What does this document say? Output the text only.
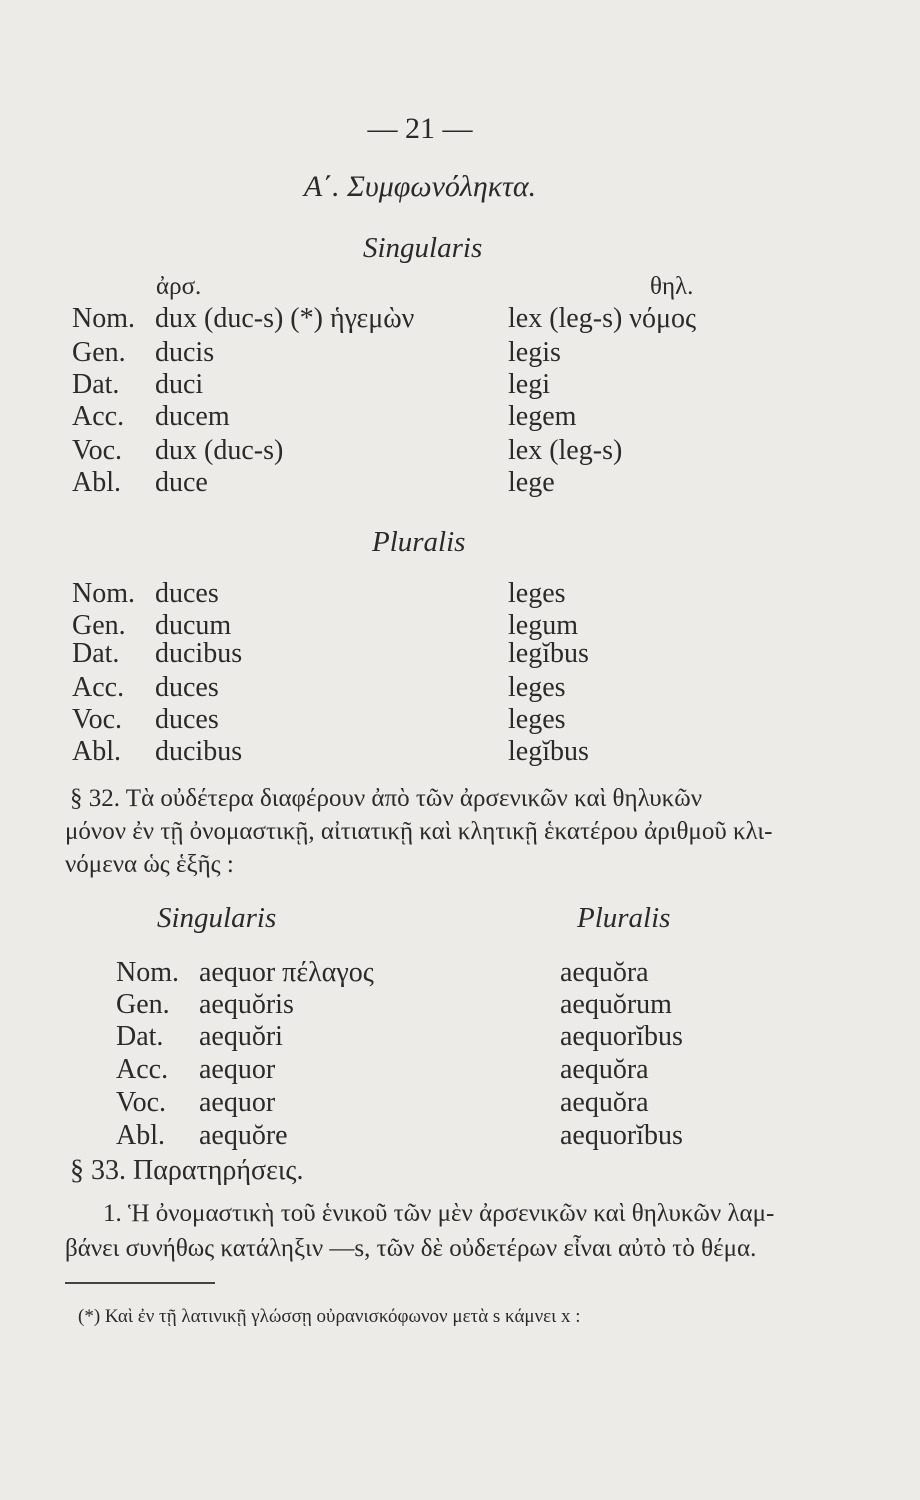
— 21 —
Α΄. Συμφωνόληκτα.
Singularis
ἀρσ.	θηλ.
Nom. dux (duc-s) (*) ἡγεμὼν	lex (leg-s) νόμος
Gen. ducis	legis
Dat. duci	legi
Acc. ducem	legem
Voc. dux (duc-s)	lex (leg-s)
Abl. duce	lege
Pluralis
Nom. duces	leges
Gen. ducum	legum
Dat. ducibus	legĭbus
Acc. duces	leges
Voc. duces	leges
Abl. ducibus	legĭbus
§ 32. Τὰ οὐδέτερα διαφέρουν ἀπὸ τῶν ἀρσενικῶν καὶ θηλυκῶν
μόνον ἐν τῇ ὀνομαστικῇ, αἰτιατικῇ καὶ κλητικῇ ἑκατέρου ἀριθμοῦ κλι-
νόμενα ὡς ἑξῆς :
Singularis	Pluralis
Nom. aequor πέλαγος	aequŏra
Gen. aequŏris	aequŏrum
Dat. aequŏri	aequorĭbus
Acc. aequor	aequŏra
Voc. aequor	aequŏra
Abl. aequŏre	aequorĭbus
§ 33. Παρατηρήσεις.
1. Ἡ ὀνομαστικὴ τοῦ ἑνικοῦ τῶν μὲν ἀρσενικῶν καὶ θηλυκῶν λαμ-
βάνει συνήθως κατάληξιν —s, τῶν δὲ οὐδετέρων εἶναι αὐτὸ τὸ θέμα.
(*) Καὶ ἐν τῇ λατινικῇ γλώσσῃ οὐρανισκόφωνον μετὰ s κάμνει x :
